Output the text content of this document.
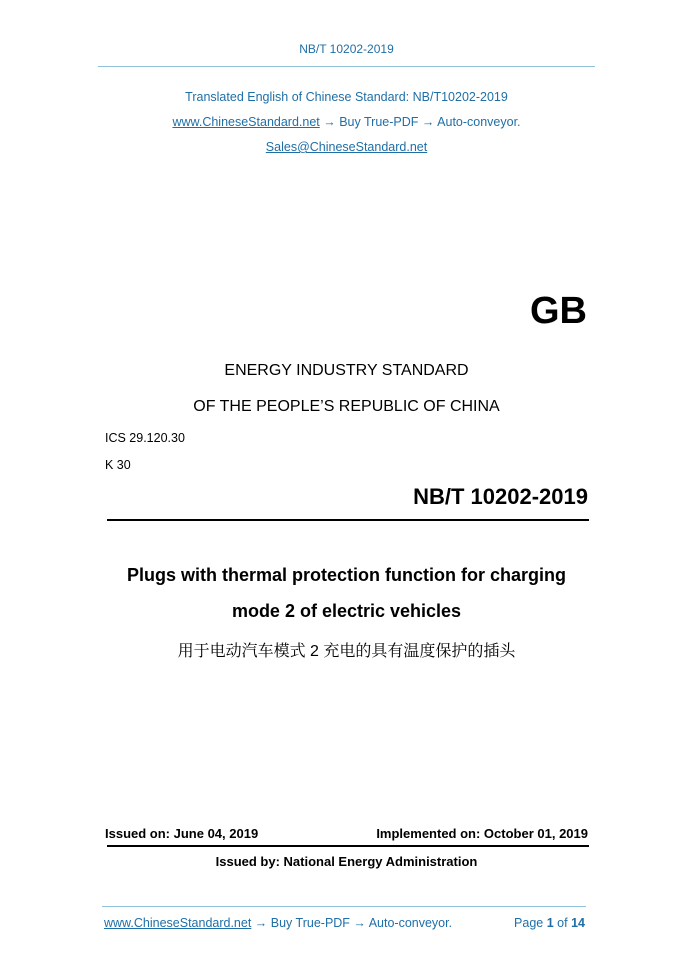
NB/T 10202-2019
Translated English of Chinese Standard: NB/T10202-2019
www.ChineseStandard.net → Buy True-PDF → Auto-conveyor.
Sales@ChineseStandard.net
GB
ENERGY INDUSTRY STANDARD
OF THE PEOPLE’S REPUBLIC OF CHINA
ICS 29.120.30
K 30
NB/T 10202-2019
Plugs with thermal protection function for charging
mode 2 of electric vehicles
用于电动汽车模式 2 充电的具有温度保护的插头
Issued on: June 04, 2019	Implemented on: October 01, 2019
Issued by: National Energy Administration
www.ChineseStandard.net → Buy True-PDF → Auto-conveyor.	Page 1 of 14
